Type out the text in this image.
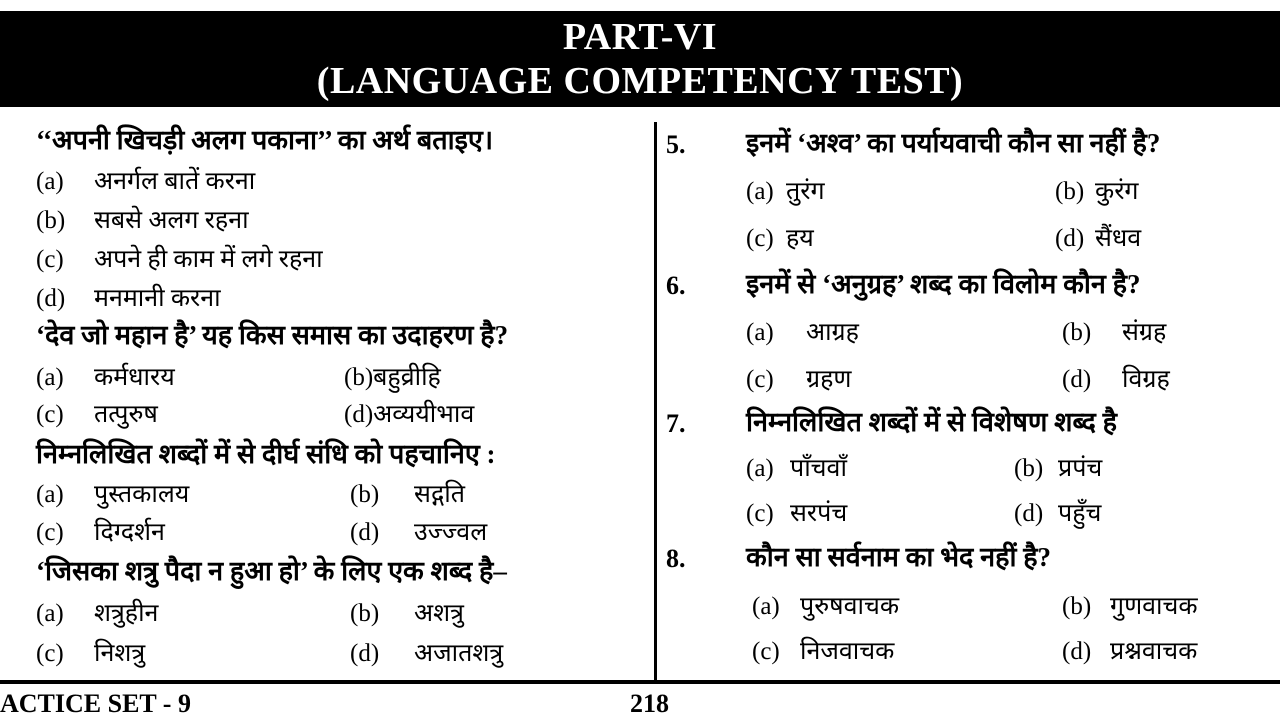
PART-VI
(LANGUAGE COMPETENCY TEST)
‘‘अपनी खिचड़ी अलग पकाना’’ का अर्थ बताइए।
(a) अनर्गल बातें करना
(b) सबसे अलग रहना
(c) अपने ही काम में लगे रहना
(d) मनमानी करना
‘देव जो महान है’ यह किस समास का उदाहरण है?
(a) कर्मधारय	(b)बहुव्रीहि
(c) तत्पुरुष	(d)अव्ययीभाव
निम्नलिखित शब्दों में से दीर्घ संधि को पहचानिए :
(a) पुस्तकालय	(b) सद्गति
(c) दिग्दर्शन	(d) उज्ज्वल
‘जिसका शत्रु पैदा न हुआ हो’ के लिए एक शब्द है–
(a) शत्रुहीन	(b) अशत्रु
(c) निशत्रु	(d) अजातशत्रु
5. इनमें ‘अश्व’ का पर्यायवाची कौन सा नहीं है?
(a) तुरंग	(b) कुरंग
(c) हय	(d) सैंधव
6. इनमें से ‘अनुग्रह’ शब्द का विलोम कौन है?
(a) आग्रह	(b) संग्रह
(c) ग्रहण	(d) विग्रह
7. निम्नलिखित शब्दों में से विशेषण शब्द है
(a) पाँचवाँ	(b) प्रपंच
(c) सरपंच	(d) पहुँच
8. कौन सा सर्वनाम का भेद नहीं है?
(a) पुरुषवाचक	(b) गुणवाचक
(c) निजवाचक	(d) प्रश्नवाचक
ACTICE SET - 9	218
